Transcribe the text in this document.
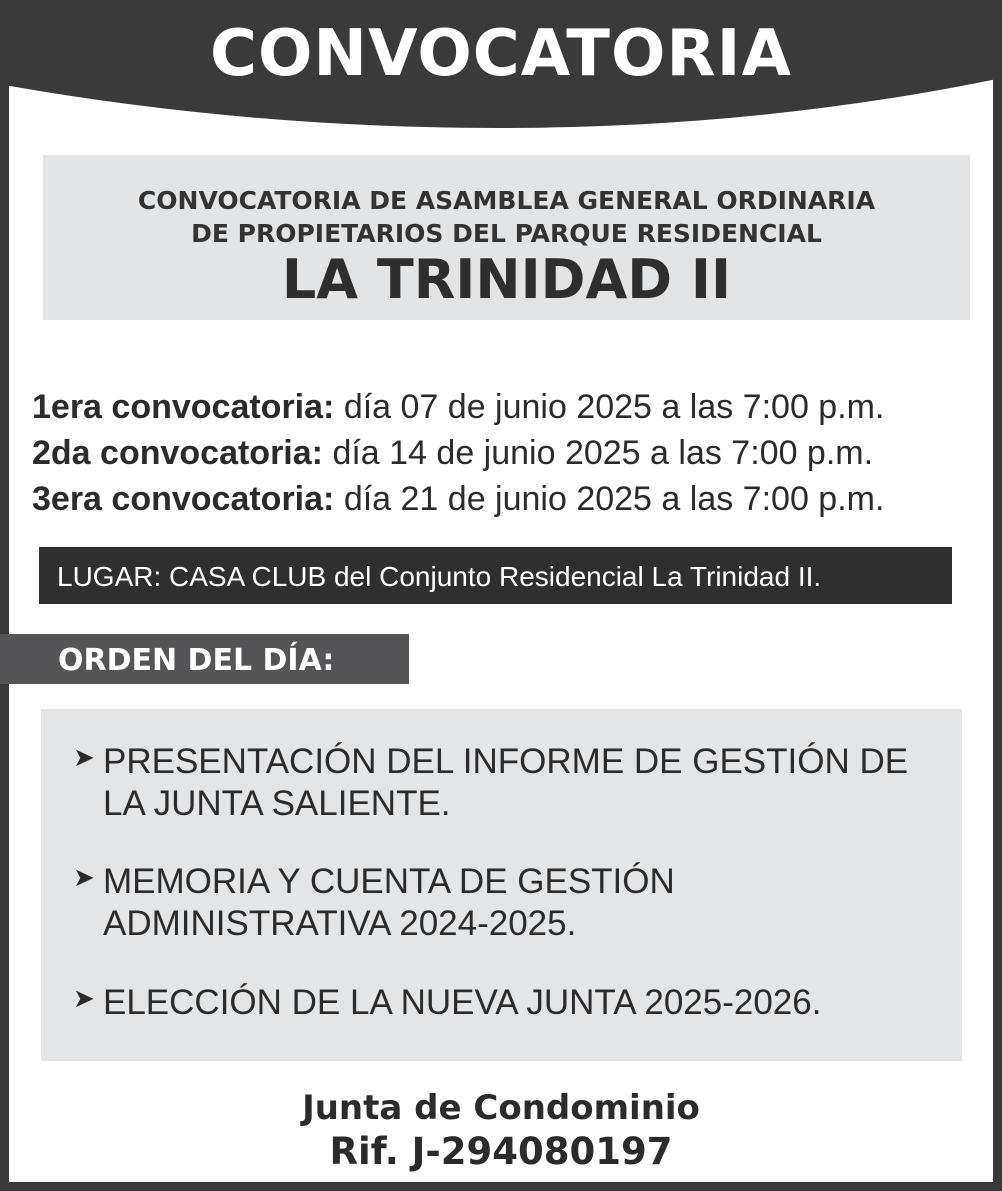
CONVOCATORIA
CONVOCATORIA DE ASAMBLEA GENERAL ORDINARIA
DE PROPIETARIOS DEL PARQUE RESIDENCIAL
LA TRINIDAD II
1era convocatoria: día 07 de junio 2025 a las 7:00 p.m.
2da convocatoria: día 14 de junio 2025 a las 7:00 p.m.
3era convocatoria: día 21 de junio 2025 a las 7:00 p.m.
LUGAR: CASA CLUB del Conjunto Residencial La Trinidad II.
ORDEN DEL DÍA:
➤ PRESENTACIÓN DEL INFORME DE GESTIÓN DE
LA JUNTA SALIENTE.
➤ MEMORIA Y CUENTA DE GESTIÓN
ADMINISTRATIVA 2024-2025.
➤ ELECCIÓN DE LA NUEVA JUNTA 2025-2026.
Junta de Condominio
Rif. J-294080197
